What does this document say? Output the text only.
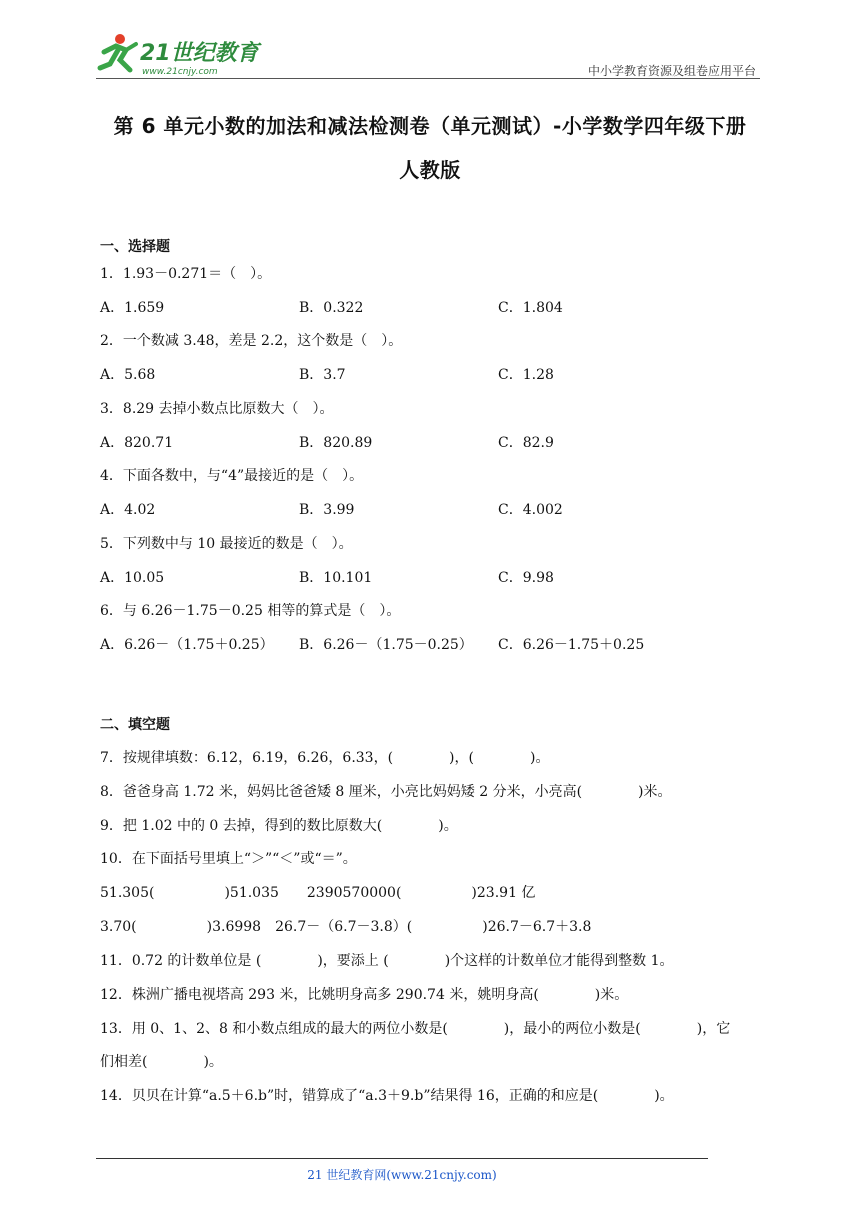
21世纪教育
www.21cnjy.com	中小学教育资源及组卷应用平台
第 6 单元小数的加法和减法检测卷（单元测试）-小学数学四年级下册
人教版
一、选择题
1．1.93－0.271＝（　）。
A．1.659	B．0.322	C．1.804
2．一个数减 3.48，差是 2.2，这个数是（　）。
A．5.68	B．3.7	C．1.28
3．8.29 去掉小数点比原数大（　）。
A．820.71	B．820.89	C．82.9
4．下面各数中，与“4”最接近的是（　）。
A．4.02	B．3.99	C．4.002
5．下列数中与 10 最接近的数是（　）。
A．10.05	B．10.101	C．9.98
6．与 6.26－1.75－0.25 相等的算式是（　）。
A．6.26－（1.75＋0.25） B．6.26－（1.75－0.25） C．6.26－1.75＋0.25
二、填空题
7．按规律填数：6.12，6.19，6.26，6.33，(　　　　)，(　　　　)。
8．爸爸身高 1.72 米，妈妈比爸爸矮 8 厘米，小亮比妈妈矮 2 分米，小亮高(　　　　)米。
9．把 1.02 中的 0 去掉，得到的数比原数大(　　　　)。
10．在下面括号里填上“＞”“＜”或“＝”。
51.305(　　　　　)51.035　　2390570000(　　　　　)23.91 亿
3.70(　　　　　)3.6998　26.7－（6.7－3.8）(　　　　　)26.7－6.7＋3.8
11．0.72 的计数单位是 (　　　　)，要添上 (　　　　)个这样的计数单位才能得到整数 1。
12．株洲广播电视塔高 293 米，比姚明身高多 290.74 米，姚明身高(　　　　)米。
13．用 0、1、2、8 和小数点组成的最大的两位小数是(　　　　)，最小的两位小数是(　　　　)，它
们相差(　　　　)。
14．贝贝在计算“a.5＋6.b”时，错算成了“a.3＋9.b”结果得 16，正确的和应是(　　　　)。
21 世纪教育网(www.21cnjy.com)
